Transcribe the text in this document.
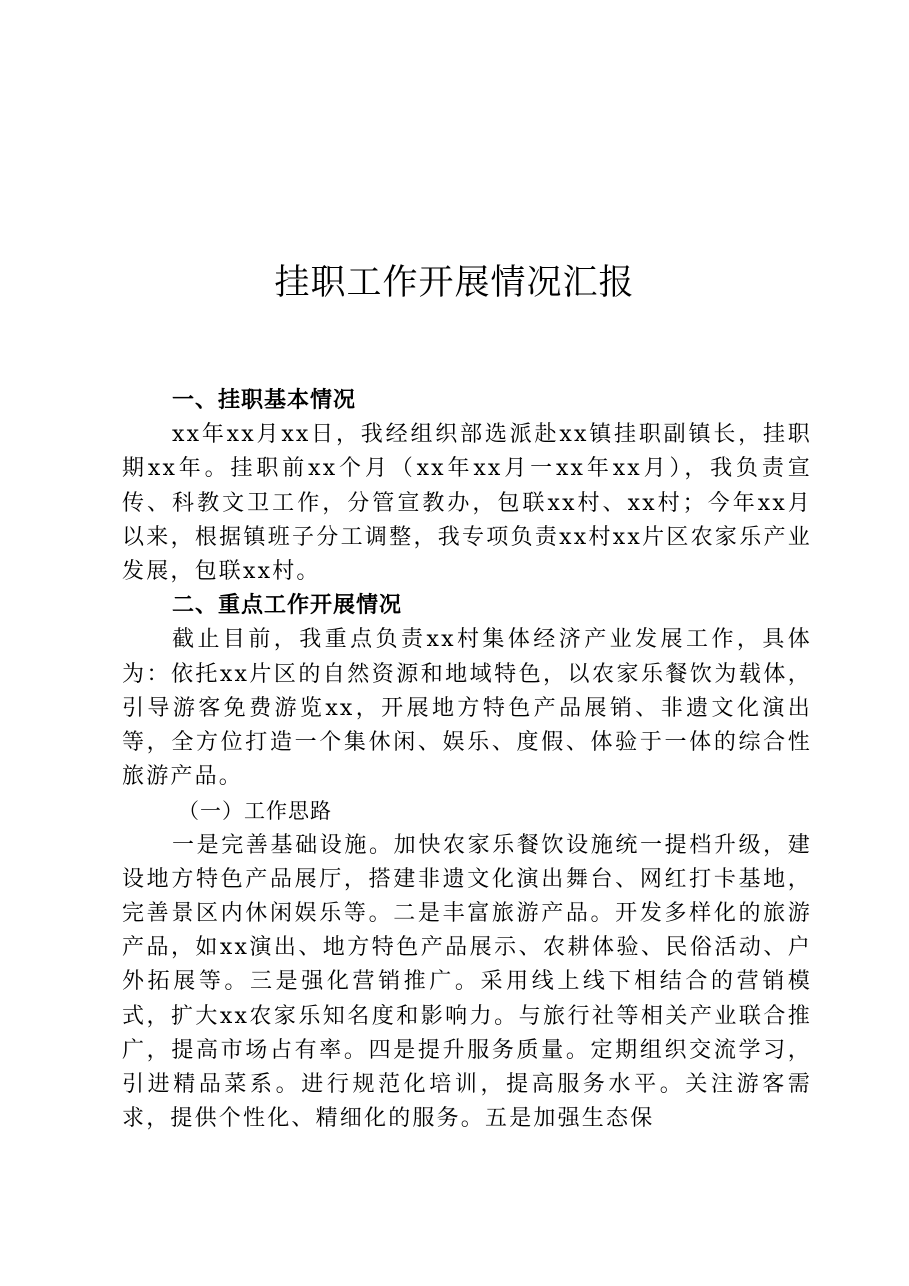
挂职工作开展情况汇报

一、挂职基本情况

xx年xx月xx日，我经组织部选派赴xx镇挂职副镇长，挂职期xx年。挂职前xx个月（xx年xx月一xx年xx月），我负责宣传、科教文卫工作，分管宣教办，包联xx村、xx村；今年xx月以来，根据镇班子分工调整，我专项负责xx村xx片区农家乐产业发展，包联xx村。

二、重点工作开展情况

截止目前，我重点负责xx村集体经济产业发展工作，具体为：依托xx片区的自然资源和地域特色，以农家乐餐饮为载体，引导游客免费游览xx，开展地方特色产品展销、非遗文化演出等，全方位打造一个集休闲、娱乐、度假、体验于一体的综合性旅游产品。

（一）工作思路

一是完善基础设施。加快农家乐餐饮设施统一提档升级，建设地方特色产品展厅，搭建非遗文化演出舞台、网红打卡基地，完善景区内休闲娱乐等。二是丰富旅游产品。开发多样化的旅游产品，如xx演出、地方特色产品展示、农耕体验、民俗活动、户外拓展等。三是强化营销推广。采用线上线下相结合的营销模式，扩大xx农家乐知名度和影响力。与旅行社等相关产业联合推广，提高市场占有率。四是提升服务质量。定期组织交流学习，引进精品菜系。进行规范化培训，提高服务水平。关注游客需求，提供个性化、精细化的服务。五是加强生态保
